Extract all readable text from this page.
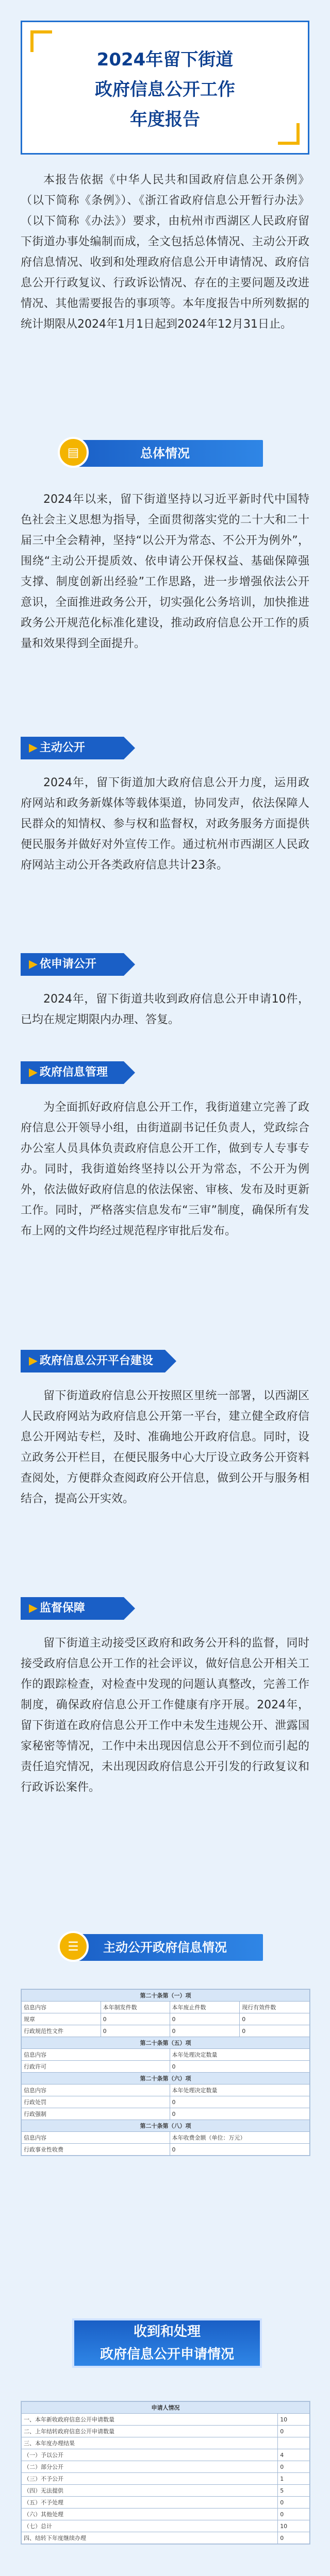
2024年留下街道
政府信息公开工作
年度报告
本报告依据《中华人民共和国政府信息公开条例》（以下简称《条例》）、《浙江省政府信息公开暂行办法》（以下简称《办法》）要求，由杭州市西湖区人民政府留下街道办事处编制而成，全文包括总体情况、主动公开政府信息情况、收到和处理政府信息公开申请情况、政府信息公开行政复议、行政诉讼情况、存在的主要问题及改进情况、其他需要报告的事项等。本年度报告中所列数据的统计期限从2024年1月1日起到2024年12月31日止。
总体情况
▤
2024年以来，留下街道坚持以习近平新时代中国特色社会主义思想为指导，全面贯彻落实党的二十大和二十届三中全会精神，坚持“以公开为常态、不公开为例外”，围绕“主动公开提质效、依申请公开保权益、基础保障强支撑、制度创新出经验”工作思路，进一步增强依法公开意识，全面推进政务公开，切实强化公务培训，加快推进政务公开规范化标准化建设，推动政府信息公开工作的质量和效果得到全面提升。
▶ 主动公开
2024年，留下街道加大政府信息公开力度，运用政府网站和政务新媒体等载体渠道，协同发声，依法保障人民群众的知情权、参与权和监督权，对政务服务方面提供便民服务并做好对外宣传工作。通过杭州市西湖区人民政府网站主动公开各类政府信息共计23条。
▶ 依申请公开
2024年，留下街道共收到政府信息公开申请10件，已均在规定期限内办理、答复。
▶ 政府信息管理
为全面抓好政府信息公开工作，我街道建立完善了政府信息公开领导小组，由街道副书记任负责人，党政综合办公室人员具体负责政府信息公开工作，做到专人专事专办。同时，我街道始终坚持以公开为常态，不公开为例外，依法做好政府信息的依法保密、审核、发布及时更新工作。同时，严格落实信息发布“三审”制度，确保所有发布上网的文件均经过规范程序审批后发布。
▶ 政府信息公开平台建设
留下街道政府信息公开按照区里统一部署，以西湖区人民政府网站为政府信息公开第一平台，建立健全政府信息公开网站专栏，及时、准确地公开政府信息。同时，设立政务公开栏目，在便民服务中心大厅设立政务公开资料查阅处，方便群众查阅政府公开信息，做到公开与服务相结合，提高公开实效。
▶ 监督保障
留下街道主动接受区政府和政务公开科的监督，同时接受政府信息公开工作的社会评议，做好信息公开相关工作的跟踪检查，对检查中发现的问题认真整改，完善工作制度，确保政府信息公开工作健康有序开展。2024年，留下街道在政府信息公开工作中未发生违规公开、泄露国家秘密等情况，工作中未出现因信息公开不到位而引起的责任追究情况，未出现因政府信息公开引发的行政复议和行政诉讼案件。
主动公开政府信息情况
☰
第二十条第（一）项			
信息内容	本年制发件数	本年废止件数	现行有效件数
规章	0	0	0
行政规范性文件	0	0	0
第二十条第（五）项			
信息内容		本年处理决定数量	
行政许可		0	
第二十条第（六）项			
信息内容		本年处理决定数量	
行政处罚		0	
行政强制		0	
第二十条第（八）项			
信息内容		本年收费金额（单位：万元）	
行政事业性收费		0	
收到和处理
政府信息公开申请情况
申请人情况	
一、本年新收政府信息公开申请数量	10
二、上年结转政府信息公开申请数量	0
三、本年度办理结果	
（一）予以公开	4
（二）部分公开	0
（三）不予公开	1
（四）无法提供	5
（五）不予处理	0
（六）其他处理	0
（七）总计	10
四、结转下年度继续办理	0
